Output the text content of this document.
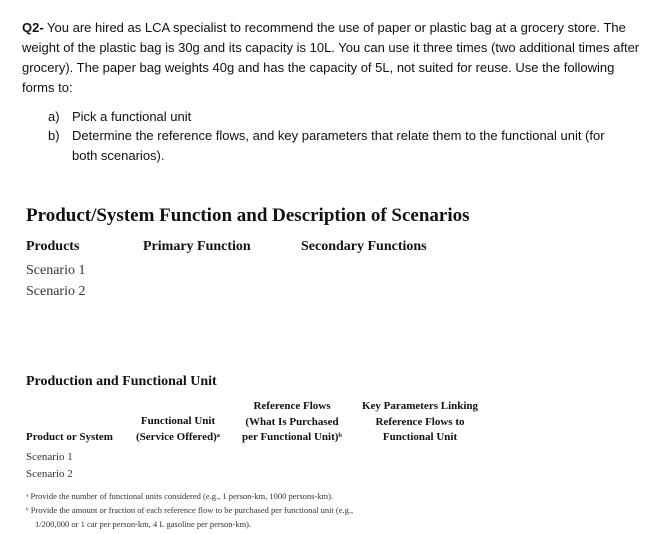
Q2- You are hired as LCA specialist to recommend the use of paper or plastic bag at a grocery store. The weight of the plastic bag is 30g and its capacity is 10L. You can use it three times (two additional times after grocery). The paper bag weights 40g and has the capacity of 5L, not suited for reuse. Use the following forms to:
a) Pick a functional unit
b) Determine the reference flows, and key parameters that relate them to the functional unit (for
both scenarios).
Product/System Function and Description of Scenarios
Products	Primary Function	Secondary Functions
Scenario 1
Scenario 2
Production and Functional Unit
Product or System
Functional Unit
(Service Offered)ᵃ
Reference Flows
(What Is Purchased
per Functional Unit)ᵇ
Key Parameters Linking
Reference Flows to
Functional Unit
Scenario 1
Scenario 2
ᵃ Provide the number of functional units considered (e.g., 1 person-km, 1000 persons-km).
ᵇ Provide the amount or fraction of each reference flow to be purchased per functional unit (e.g.,
1/200,000 or 1 car per person-km, 4 L gasoline per person-km).
